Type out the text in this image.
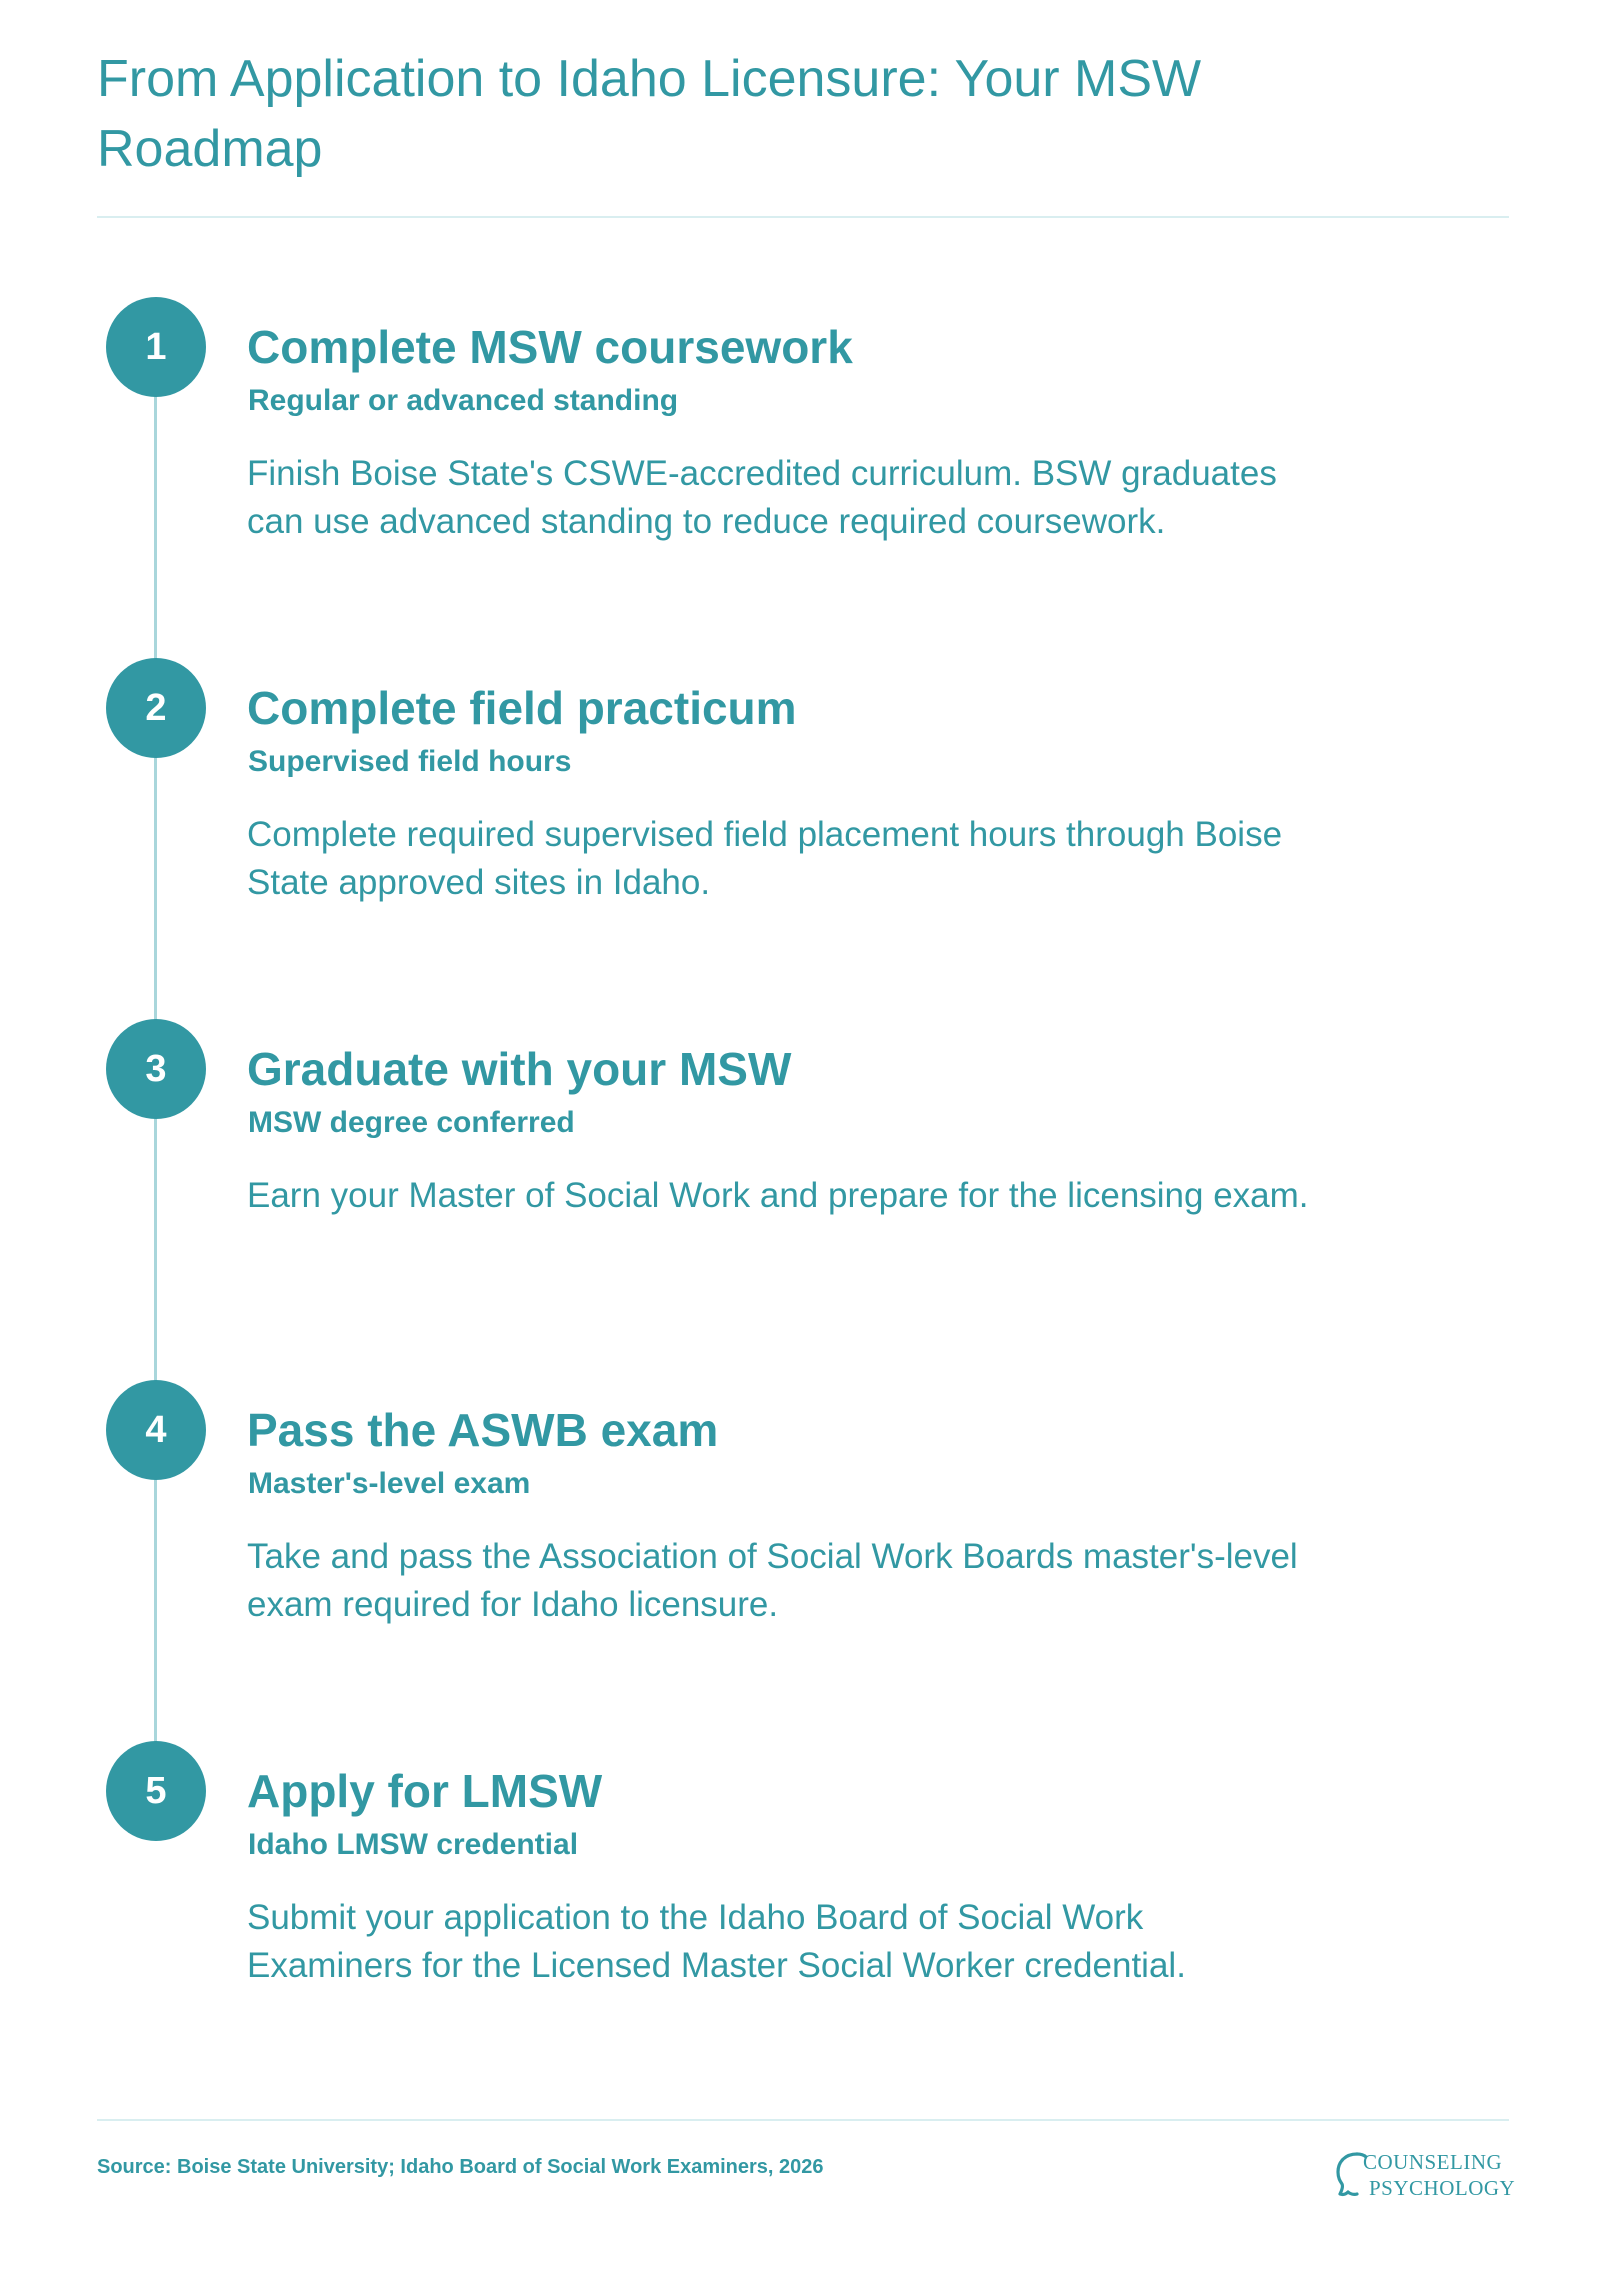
From Application to Idaho Licensure: Your MSW Roadmap
1	Complete MSW coursework
Regular or advanced standing
Finish Boise State's CSWE-accredited curriculum. BSW graduates can use advanced standing to reduce required coursework.
2	Complete field practicum
Supervised field hours
Complete required supervised field placement hours through Boise State approved sites in Idaho.
3	Graduate with your MSW
MSW degree conferred
Earn your Master of Social Work and prepare for the licensing exam.
4	Pass the ASWB exam
Master's-level exam
Take and pass the Association of Social Work Boards master's-level exam required for Idaho licensure.
5	Apply for LMSW
Idaho LMSW credential
Submit your application to the Idaho Board of Social Work Examiners for the Licensed Master Social Worker credential.
Source: Boise State University; Idaho Board of Social Work Examiners, 2026	COUNSELING
PSYCHOLOGY
